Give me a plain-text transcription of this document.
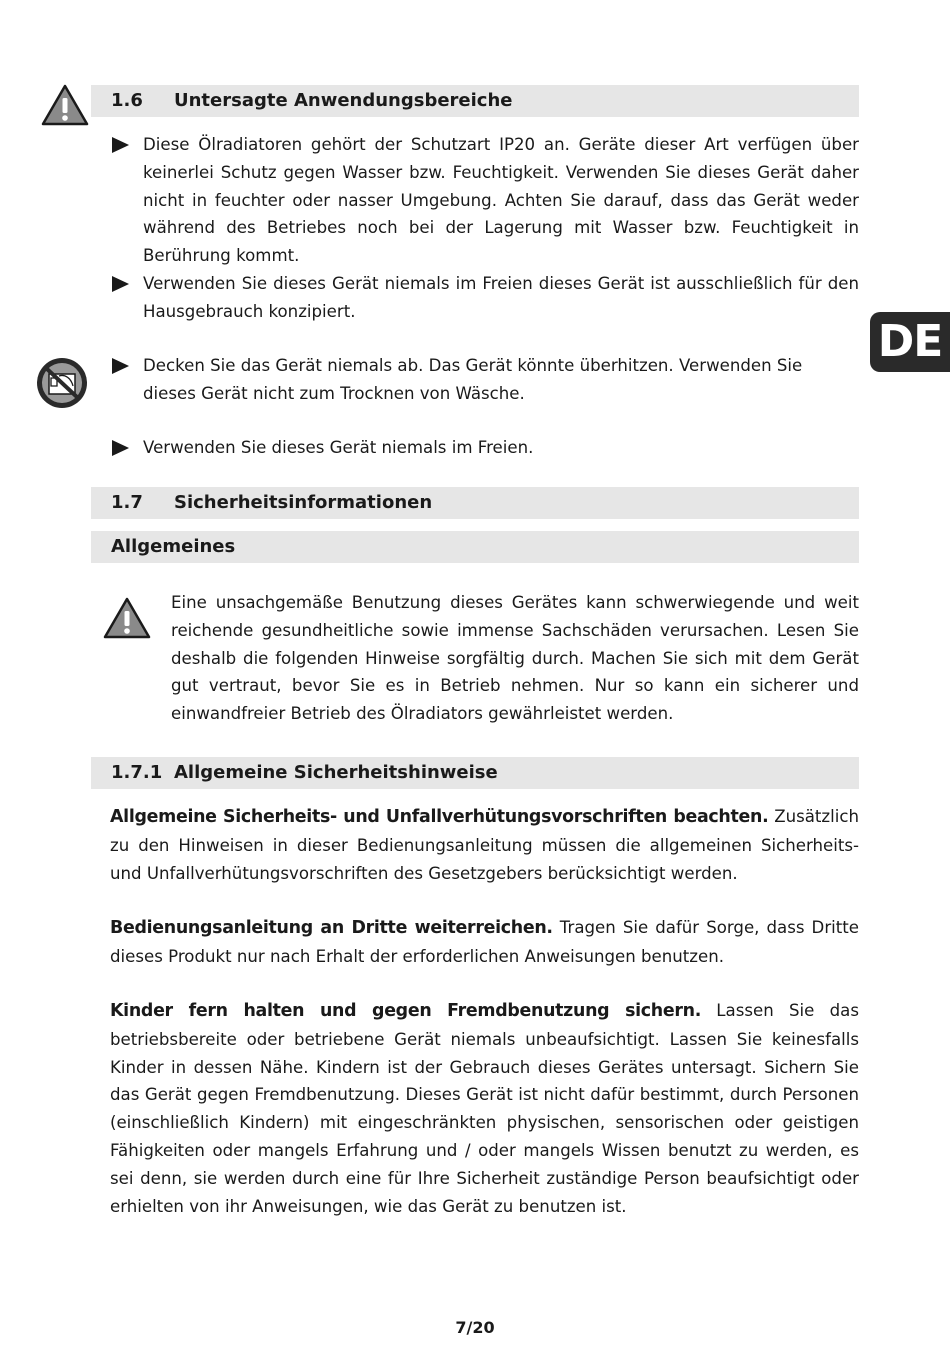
DE
1.6 Untersagte Anwendungsbereiche
Diese Ölradiatoren gehört der Schutzart IP20 an. Geräte dieser Art verfügen über keinerlei Schutz gegen Wasser bzw. Feuchtigkeit. Verwenden Sie dieses Gerät daher nicht in feuchter oder nasser Umgebung. Achten Sie darauf, dass das Gerät weder während des Betriebes noch bei der Lagerung mit Wasser bzw. Feuchtigkeit in Berührung kommt.
Verwenden Sie dieses Gerät niemals im Freien dieses Gerät ist ausschließlich für den Hausgebrauch konzipiert.
Decken Sie das Gerät niemals ab. Das Gerät könnte überhitzen. Verwenden Sie dieses Gerät nicht zum Trocknen von Wäsche.
Verwenden Sie dieses Gerät niemals im Freien.
1.7 Sicherheitsinformationen
Allgemeines
Eine unsachgemäße Benutzung dieses Gerätes kann schwerwiegende und weit reichende gesundheitliche sowie immense Sachschäden verursachen. Lesen Sie deshalb die folgenden Hinweise sorgfältig durch. Machen Sie sich mit dem Gerät gut vertraut, bevor Sie es in Betrieb nehmen. Nur so kann ein sicherer und einwandfreier Betrieb des Ölradiators gewährleistet werden.
1.7.1 Allgemeine Sicherheitshinweise
Allgemeine Sicherheits- und Unfallverhütungsvorschriften beachten. Zusätzlich zu den Hinweisen in dieser Bedienungsanleitung müssen die allgemeinen Sicherheits- und Unfallverhütungsvorschriften des Gesetzgebers berücksichtigt werden.
Bedienungsanleitung an Dritte weiterreichen. Tragen Sie dafür Sorge, dass Dritte dieses Produkt nur nach Erhalt der erforderlichen Anweisungen benutzen.
Kinder fern halten und gegen Fremdbenutzung sichern. Lassen Sie das betriebsbereite oder betriebene Gerät niemals unbeaufsichtigt. Lassen Sie keinesfalls Kinder in dessen Nähe. Kindern ist der Gebrauch dieses Gerätes untersagt. Sichern Sie das Gerät gegen Fremdbenutzung. Dieses Gerät ist nicht dafür bestimmt, durch Personen (einschließlich Kindern) mit eingeschränkten physischen, sensorischen oder geistigen Fähigkeiten oder mangels Erfahrung und / oder mangels Wissen benutzt zu werden, es sei denn, sie werden durch eine für Ihre Sicherheit zuständige Person beaufsichtigt oder erhielten von ihr Anweisungen, wie das Gerät zu benutzen ist.
7/20
